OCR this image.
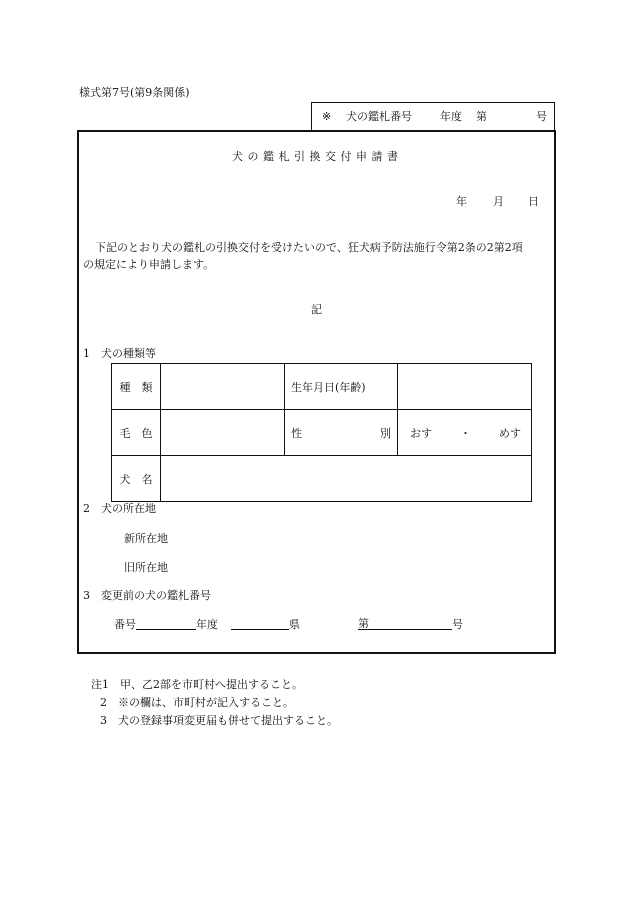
様式第7号(第9条関係)
※ 犬の鑑札番号	年度 第	号
犬 の 鑑 札 引 換 交 付 申 請 書
年 月 日
下記のとおり犬の鑑札の引換交付を受けたいので、狂犬病予防法施行令第2条の2第2項
の規定により申請します。
記
1　犬の種類等
種　類		生年月日(年齢)	

毛　色		性 別	おす ・ めす

犬　名			
2　犬の所在地
新所在地
旧所在地
3　変更前の犬の鑑札番号
番号	年度	県	第	号
注1　甲、乙2部を市町村へ提出すること。
2　※の欄は、市町村が記入すること。
3　犬の登録事項変更届も併せて提出すること。
